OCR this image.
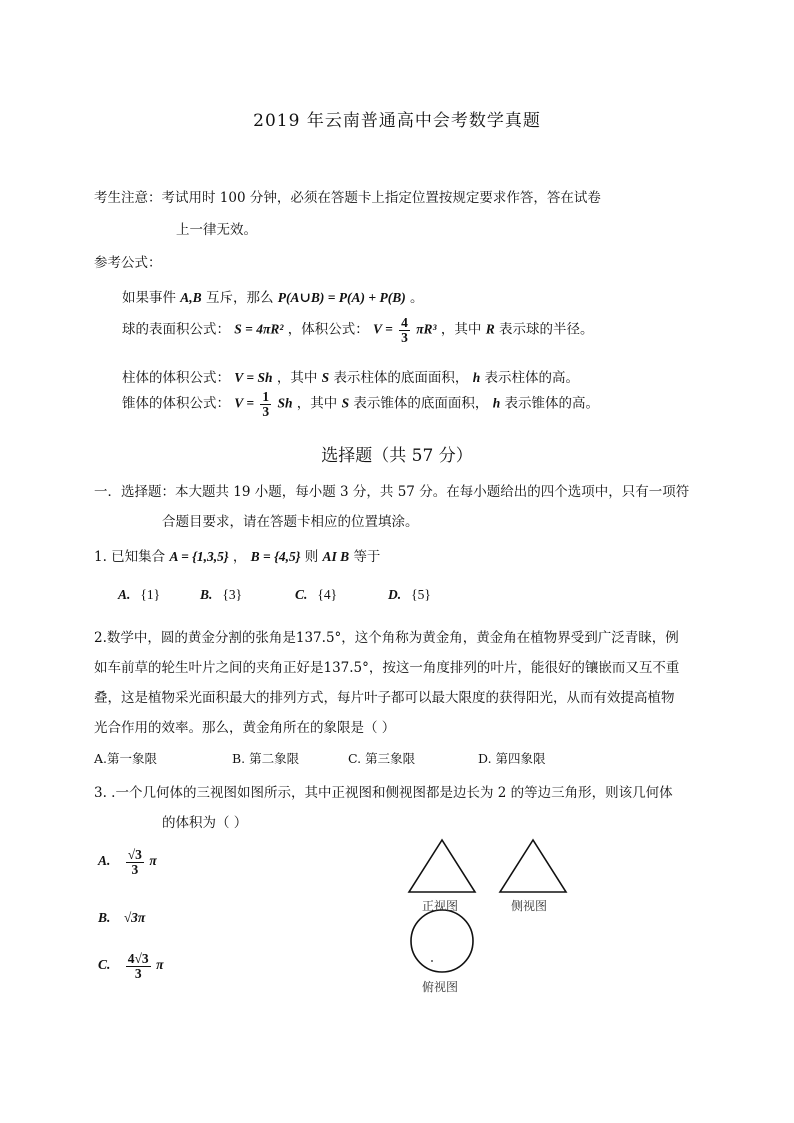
2019 年云南普通高中会考数学真题
考生注意：考试用时 100 分钟，必须在答题卡上指定位置按规定要求作答，答在试卷
上一律无效。
参考公式：
如果事件 A,B 互斥，那么 P(A∪B) = P(A) + P(B) 。
球的表面积公式： S = 4πR² ，体积公式： $V = \frac{4}{3} \pi R^3$ ，其中 R 表示球的半径。
柱体的体积公式： V = Sh ，其中 S 表示柱体的底面面积， h 表示柱体的高。
锥体的体积公式： $V = \frac{1}{3}$ Sh ，其中 S 表示锥体的底面面积， h 表示锥体的高。
选择题（共 57 分）
一．选择题：本大题共 19 小题，每小题 3 分，共 57 分。在每小题给出的四个选项中，只有一项符
合题目要求，请在答题卡相应的位置填涂。
1. 已知集合 A = {1,3,5} ， B = {4,5} 则 AI B 等于
A. {1}	B. {3}	C. {4}	D. {5}
2.数学中，圆的黄金分割的张角是137.5°，这个角称为黄金角，黄金角在植物界受到广泛青睐，例
如车前草的轮生叶片之间的夹角正好是137.5°，按这一角度排列的叶片，能很好的镶嵌而又互不重
叠，这是植物采光面积最大的排列方式，每片叶子都可以最大限度的获得阳光，从而有效提高植物
光合作用的效率。那么，黄金角所在的象限是（ ）
A.第一象限	B. 第二象限	C. 第三象限	D. 第四象限
3. .一个几何体的三视图如图所示，其中正视图和侧视图都是边长为 2 的等边三角形，则该几何体
的体积为（ ）
A. $\frac{√3}{3}$ π
B. √3π
C. $\frac{4√3}{3}$ π
正视图	侧视图
俯视图
